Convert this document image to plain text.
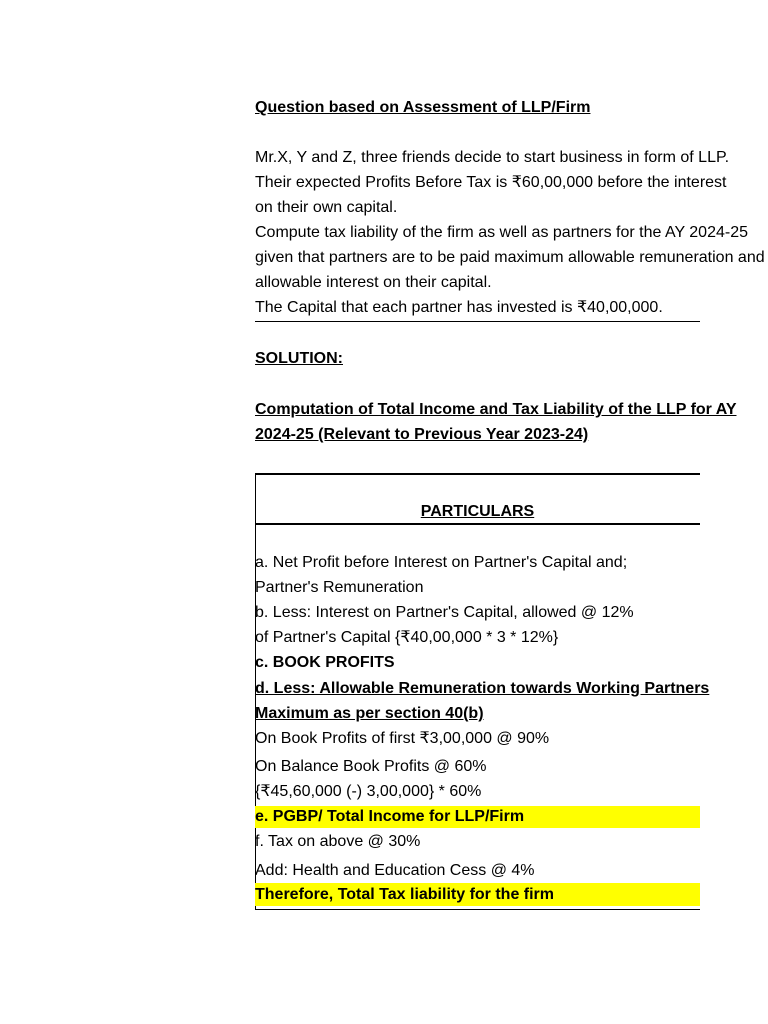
Question based on Assessment of LLP/Firm
Mr.X, Y and Z, three friends decide to start business in form of LLP.
Their expected Profits Before Tax is ₹60,00,000 before the interest
on their own capital.
Compute tax liability of the firm as well as partners for the AY 2024-25
given that partners are to be paid maximum allowable remuneration and
allowable interest on their capital.
The Capital that each partner has invested is ₹40,00,000.
SOLUTION:
Computation of Total Income and Tax Liability of the LLP for AY
2024-25 (Relevant to Previous Year 2023-24)
PARTICULARS
a. Net Profit before Interest on Partner's Capital and;
Partner's Remuneration
b. Less: Interest on Partner's Capital, allowed @ 12%
of Partner's Capital {₹40,00,000 * 3 * 12%}
c. BOOK PROFITS
d. Less: Allowable Remuneration towards Working Partners
Maximum as per section 40(b)
On Book Profits of first ₹3,00,000 @ 90%
On Balance Book Profits @ 60%
{₹45,60,000 (-) 3,00,000} * 60%
e. PGBP/ Total Income for LLP/Firm
f. Tax on above @ 30%
Add: Health and Education Cess @ 4%
Therefore, Total Tax liability for the firm
